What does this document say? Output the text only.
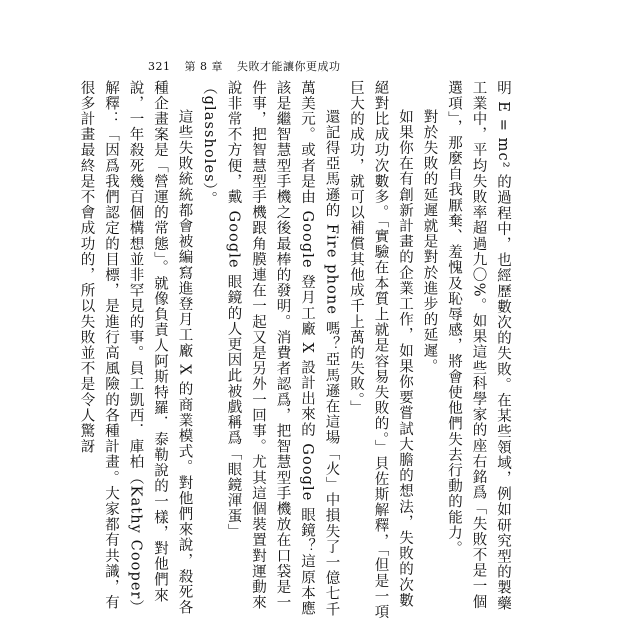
321 第 8 章 失敗才能讓你更成功

明 E = mc² 的過程中，也經歷數次的失敗。在某些領域，例如研究型的製藥工業中，平均失敗率超過九〇%。如果這些科學家的座右銘爲「失敗不是一個選項」，那麼自我厭棄、羞愧及恥辱感，將會使他們失去行動的能力。

對於失敗的延遲就是對於進步的延遲。

如果你在有創新計畫的企業工作，如果你要嘗試大膽的想法，失敗的次數絕對比成功次數多。「實驗在本質上就是容易失敗的。」貝佐斯解釋，「但是一項巨大的成功，就可以補償其他成千上萬的失敗。」

還記得亞馬遜的 Fire phone 嗎？亞馬遜在這場「火」中損失了一億七千萬美元。或者是由 Google 登月工廠 X 設計出來的 Google 眼鏡？這原本應該是繼智慧型手機之後最棒的發明。消費者認爲，把智慧型手機放在口袋是一件事，把智慧型手機跟角膜連在一起又是另外一回事。尤其這個裝置對運動來說非常不方便，戴 Google 眼鏡的人更因此被戲稱爲「眼鏡渾蛋」（glassholes）。

這些失敗統統都會被編寫進登月工廠 X 的商業模式。對他們來說，殺死各種企畫案是「營運的常態」。就像負責人阿斯特羅．泰勒說的一樣，對他們來說，一年殺死幾百個構想並非罕見的事。員工凱西．庫柏（Kathy Cooper）解釋：「因爲我們認定的目標，是進行高風險的各種計畫。大家都有共識，有很多計畫最終是不會成功的，所以失敗並不是令人驚訝
